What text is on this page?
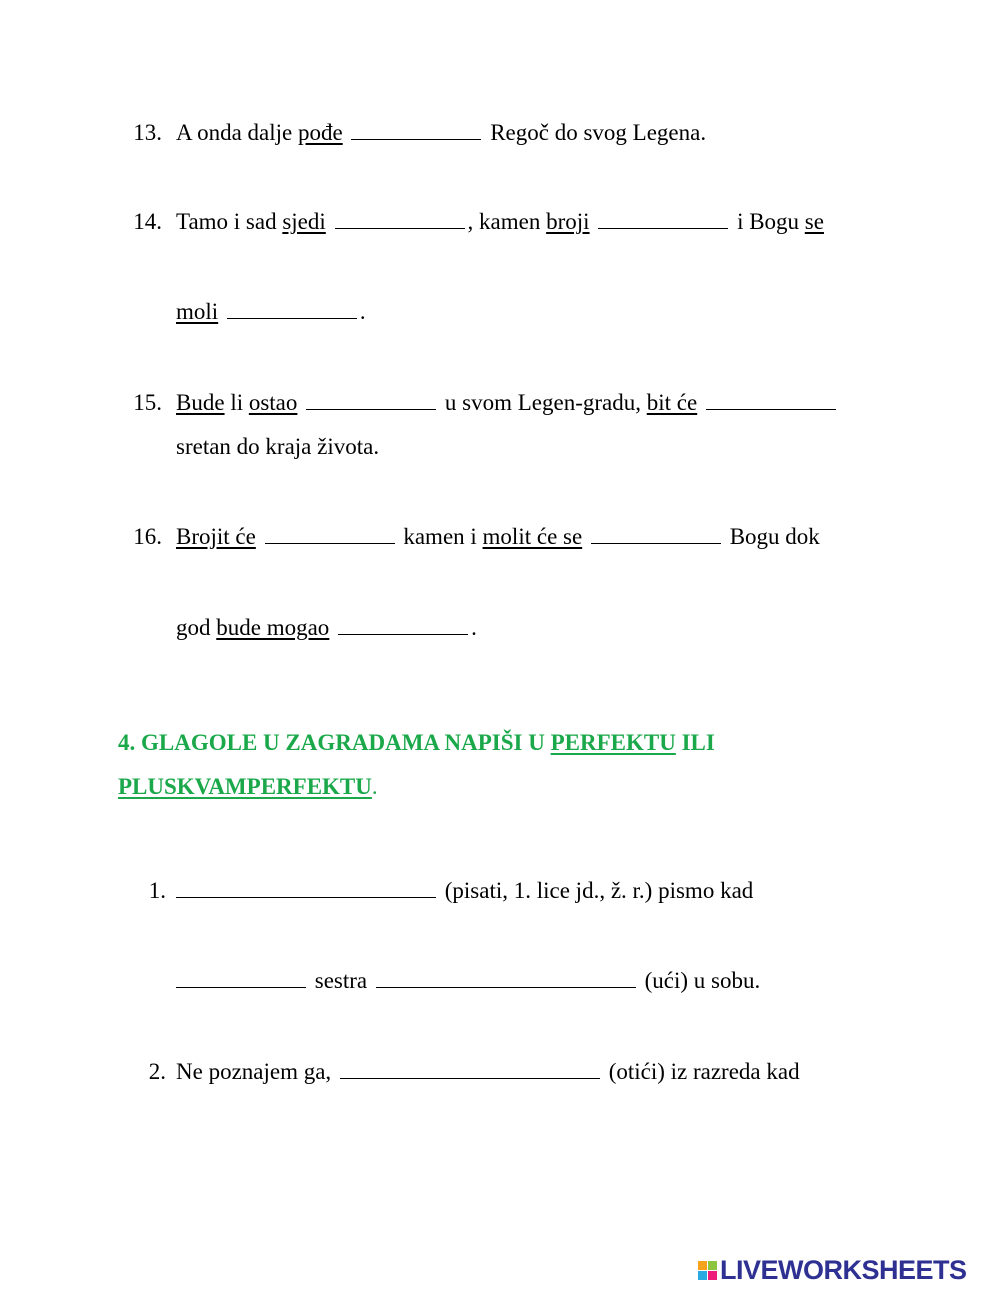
13. A onda dalje pođe	Regoč do svog Legena.
14. Tamo i sad sjedi	, kamen broji	i Bogu se
moli	.
15. Bude li ostao	u svom Legen-gradu, bit će
sretan do kraja života.
16. Brojit će	kamen i molit će se	Bogu dok
god bude mogao	.
4. GLAGOLE U ZAGRADAMA NAPIŠI U PERFEKTU ILI
PLUSKVAMPERFEKTU.
1.	(pisati, 1. lice jd., ž. r.) pismo kad
sestra	(ući) u sobu.
2. Ne poznajem ga,	(otići) iz razreda kad
LIVEWORKSHEETS
